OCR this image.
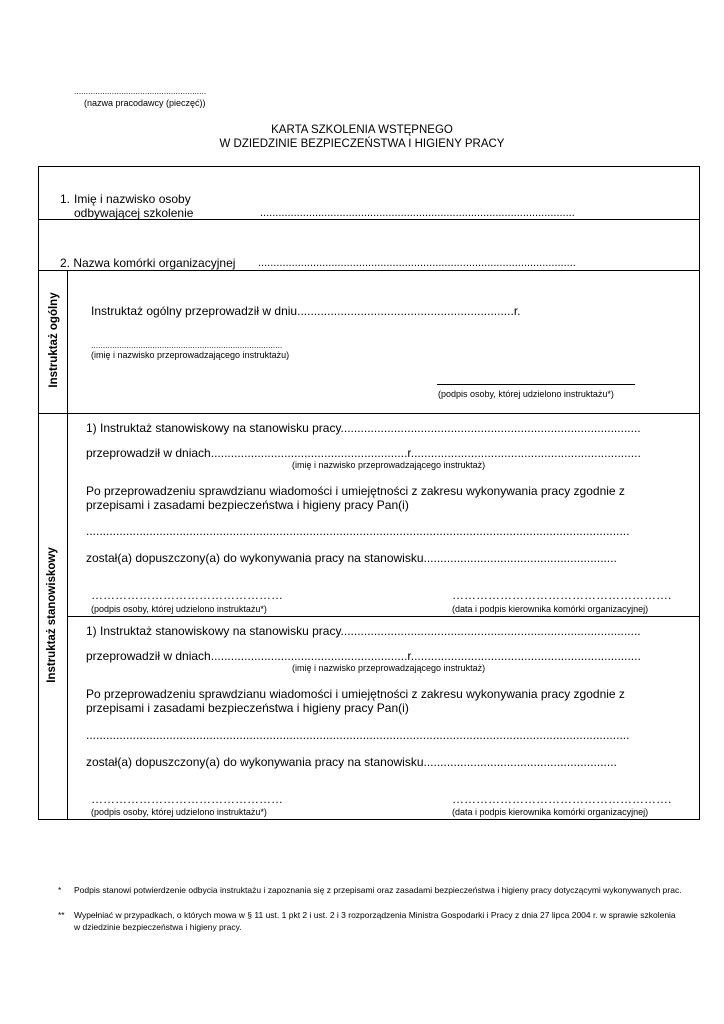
........................................................
(nazwa pracodawcy (pieczęć))
KARTA SZKOLENIA WSTĘPNEGO
W DZIEDZINIE BEZPIECZEŃSTWA I HIGIENY PRACY
1. Imię i nazwisko osoby
odbywającej szkolenie	.......................................................................................................
2. Nazwa komórki organizacyjnej ........................................................................................................
Instruktaż ogólny	Instruktaż ogólny przeprowadził w dniu.................................................................r.
.................................................................................
(imię i nazwisko przeprowadzającego instruktażu)
(podpis osoby, której udzielono instruktażu*)
Instruktaż stanowiskowy
1) Instruktaż stanowiskowy na stanowisku pracy..........................................................................................
przeprowadził w dniach...........................................................r.....................................................................
(imię i nazwisko przeprowadzającego instruktaż)
Po przeprowadzeniu sprawdzianu wiadomości i umiejętności z zakresu wykonywania pracy zgodnie z
przepisami i zasadami bezpieczeństwa i higieny pracy Pan(i)
...................................................................................................................................................................
został(a) dopuszczony(a) do wykonywania pracy na stanowisku..........................................................
…………………………………………
(podpis osoby, której udzielono instruktażu*)
……………………………………………….
(data i podpis kierownika komórki organizacyjnej)
1) Instruktaż stanowiskowy na stanowisku pracy..........................................................................................
przeprowadził w dniach...........................................................r.....................................................................
(imię i nazwisko przeprowadzającego instruktaż)
Po przeprowadzeniu sprawdzianu wiadomości i umiejętności z zakresu wykonywania pracy zgodnie z
przepisami i zasadami bezpieczeństwa i higieny pracy Pan(i)
...................................................................................................................................................................
został(a) dopuszczony(a) do wykonywania pracy na stanowisku..........................................................
…………………………………………
(podpis osoby, której udzielono instruktażu*)
……………………………………………….
(data i podpis kierownika komórki organizacyjnej)
* Podpis stanowi potwierdzenie odbycia instruktażu i zapoznania się z przepisami oraz zasadami bezpieczeństwa i higieny pracy dotyczącymi wykonywanych prac.
** Wypełniać w przypadkach, o których mowa w § 11 ust. 1 pkt 2 i ust. 2 i 3 rozporządzenia Ministra Gospodarki i Pracy z dnia 27 lipca 2004 r. w sprawie szkolenia w dziedzinie bezpieczeństwa i higieny pracy.
